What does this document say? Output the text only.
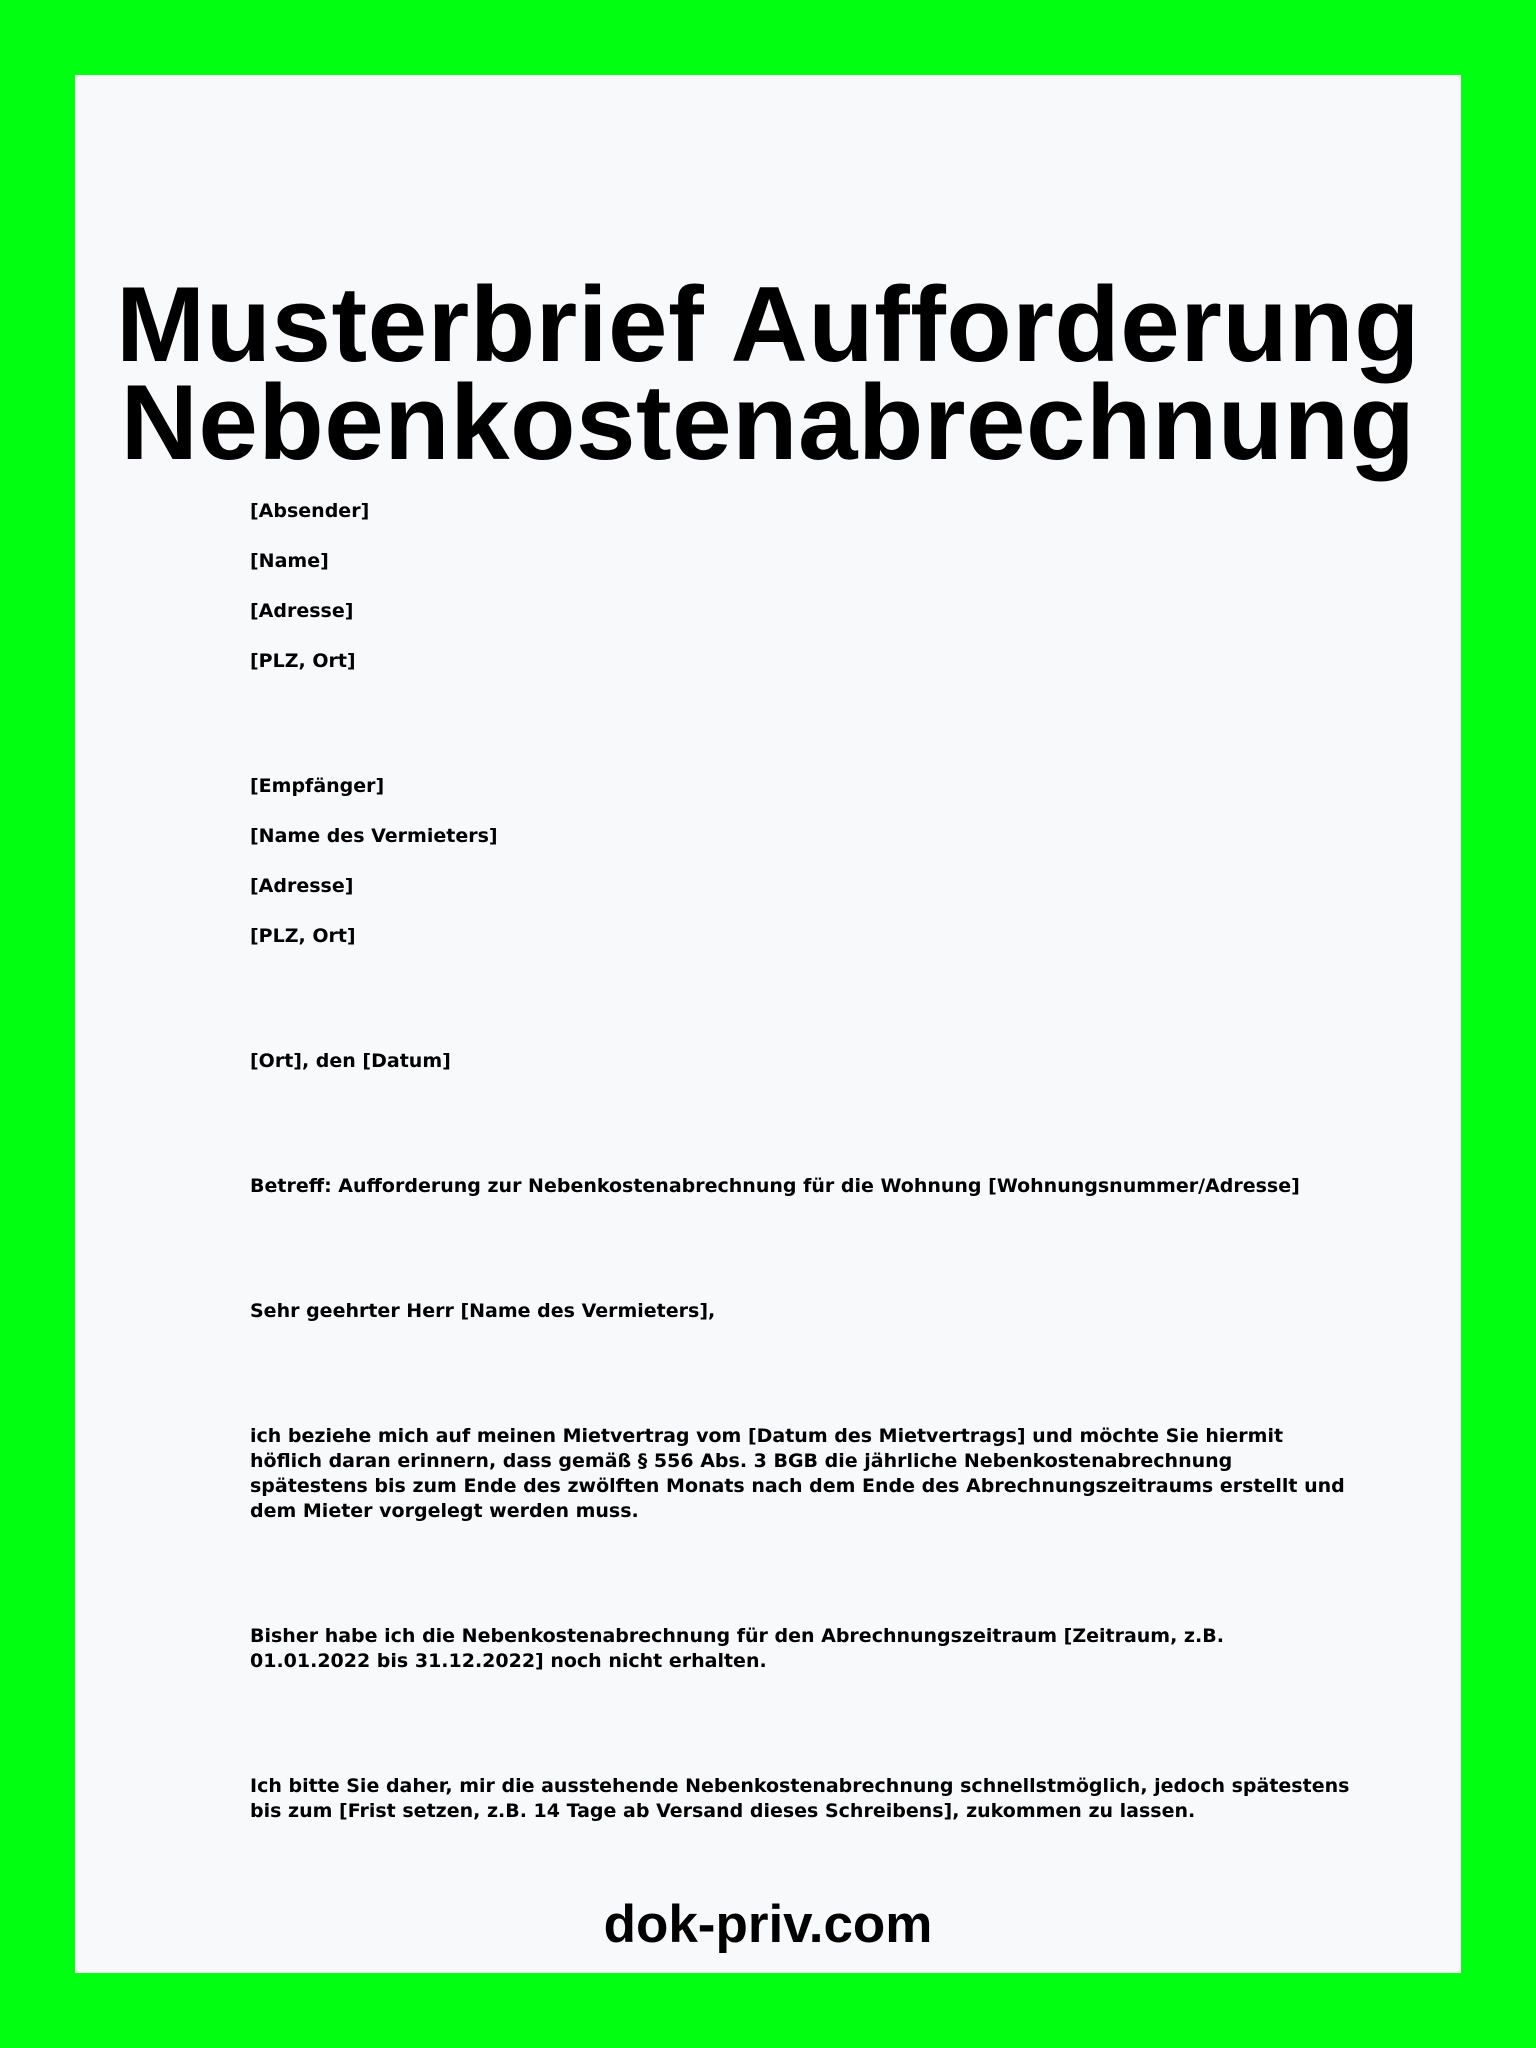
Musterbrief Aufforderung
Nebenkostenabrechnung

[Absender]

[Name]

[Adresse]

[PLZ, Ort]

[Empfänger]

[Name des Vermieters]

[Adresse]

[PLZ, Ort]

[Ort], den [Datum]

Betreff: Aufforderung zur Nebenkostenabrechnung für die Wohnung [Wohnungsnummer/Adresse]

Sehr geehrter Herr [Name des Vermieters],

ich beziehe mich auf meinen Mietvertrag vom [Datum des Mietvertrags] und möchte Sie hiermit höflich daran erinnern, dass gemäß § 556 Abs. 3 BGB die jährliche Nebenkostenabrechnung spätestens bis zum Ende des zwölften Monats nach dem Ende des Abrechnungszeitraums erstellt und dem Mieter vorgelegt werden muss.

Bisher habe ich die Nebenkostenabrechnung für den Abrechnungszeitraum [Zeitraum, z.B. 01.01.2022 bis 31.12.2022] noch nicht erhalten.

Ich bitte Sie daher, mir die ausstehende Nebenkostenabrechnung schnellstmöglich, jedoch spätestens bis zum [Frist setzen, z.B. 14 Tage ab Versand dieses Schreibens], zukommen zu lassen.

dok-priv.com
